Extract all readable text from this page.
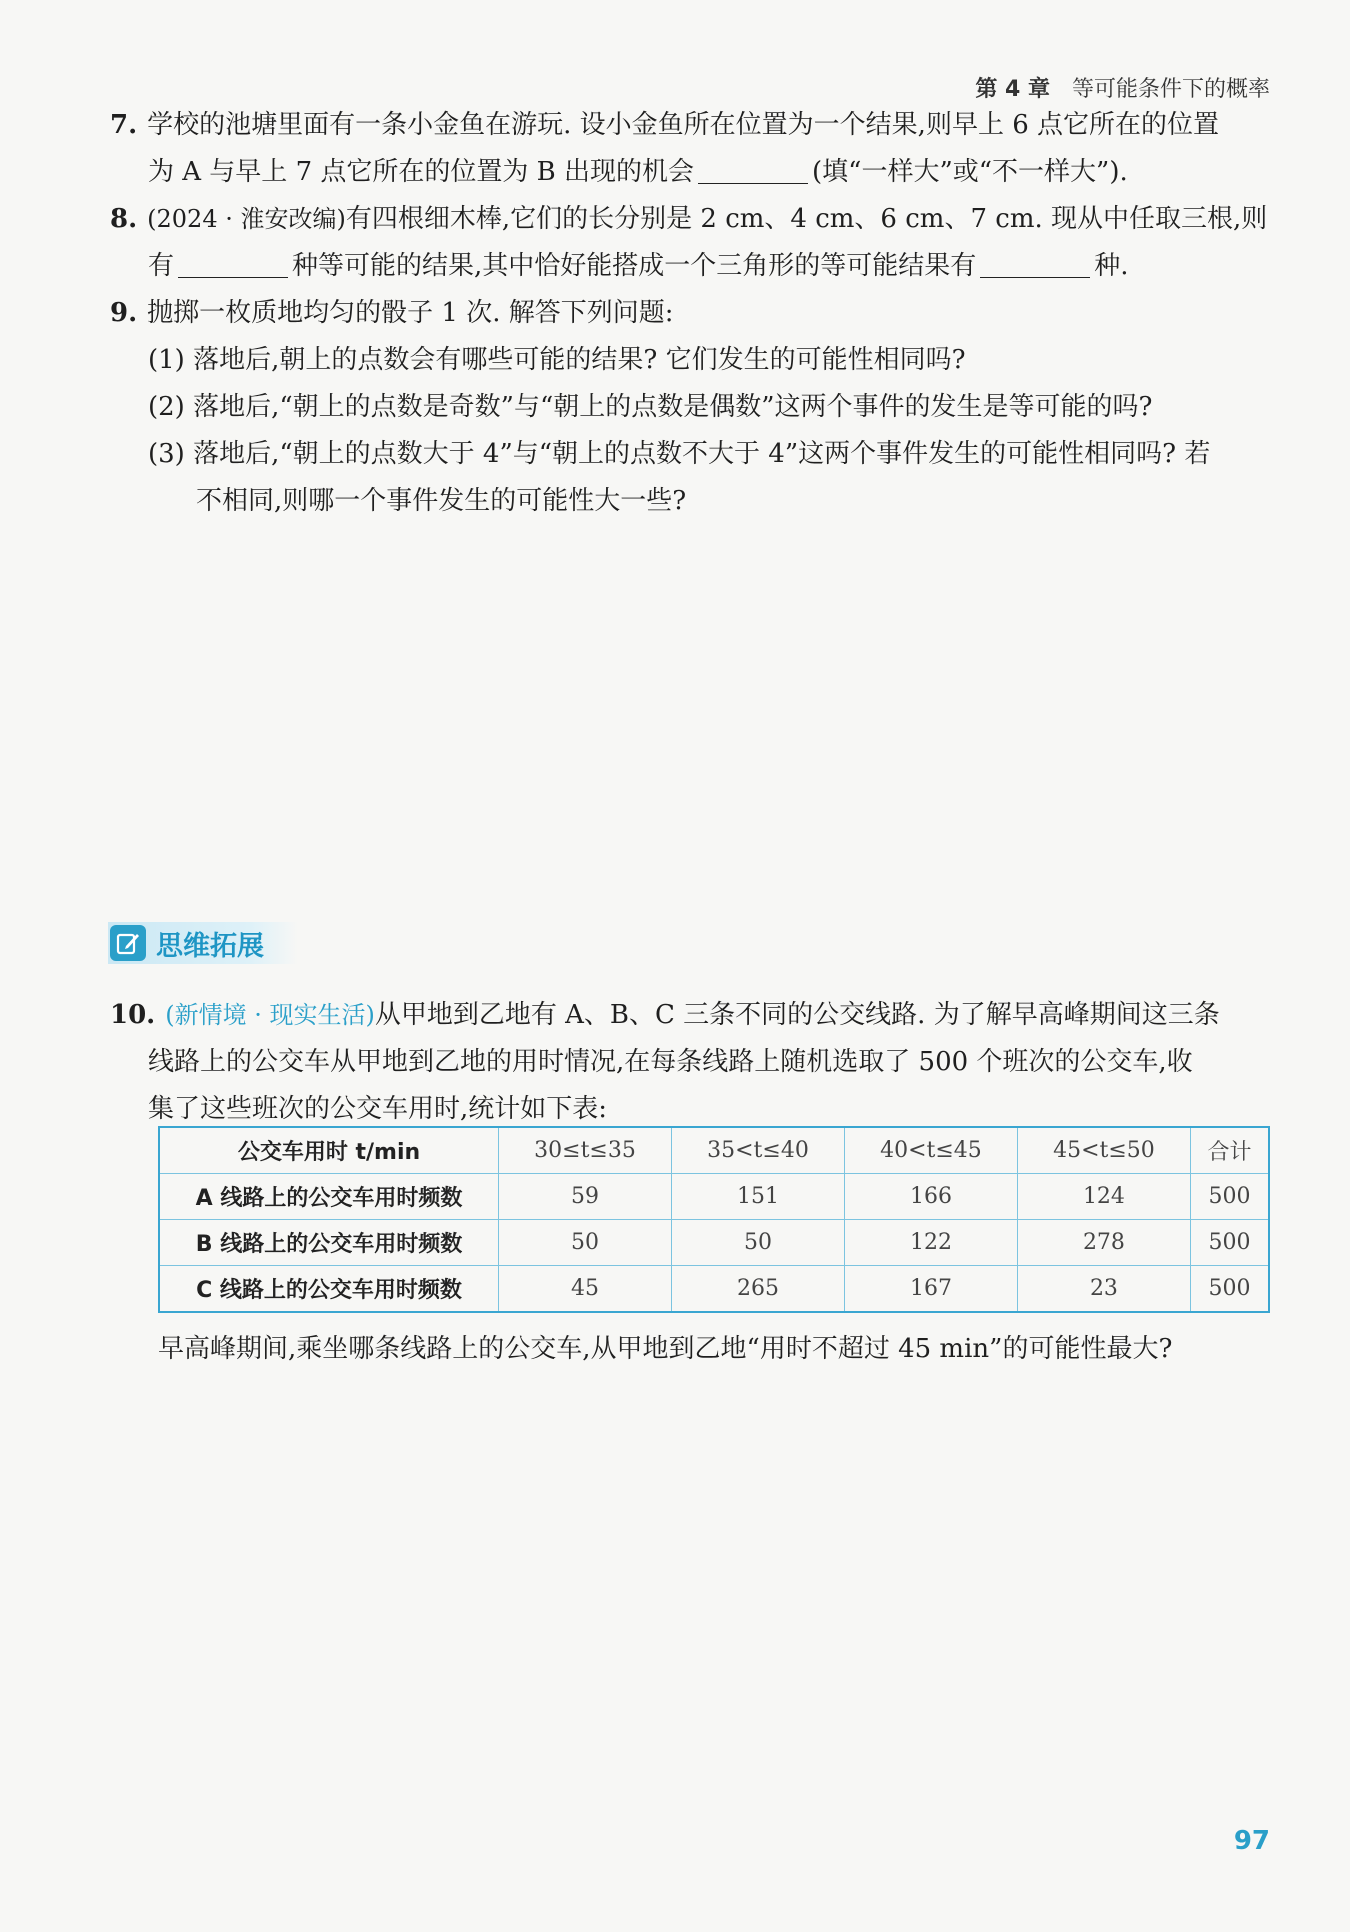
第 4 章 等可能条件下的概率
7. 学校的池塘里面有一条小金鱼在游玩. 设小金鱼所在位置为一个结果,则早上 6 点它所在的位置
为 A 与早上 7 点它所在的位置为 B 出现的机会	(填“一样大”或“不一样大”).
8. (2024 · 淮安改编)有四根细木棒,它们的长分别是 2 cm、4 cm、6 cm、7 cm. 现从中任取三根,则
有	种等可能的结果,其中恰好能搭成一个三角形的等可能结果有	种.
9. 抛掷一枚质地均匀的骰子 1 次. 解答下列问题:
(1) 落地后,朝上的点数会有哪些可能的结果? 它们发生的可能性相同吗?
(2) 落地后,“朝上的点数是奇数”与“朝上的点数是偶数”这两个事件的发生是等可能的吗?
(3) 落地后,“朝上的点数大于 4”与“朝上的点数不大于 4”这两个事件发生的可能性相同吗? 若
不相同,则哪一个事件发生的可能性大一些?
思维拓展
10. (新情境 · 现实生活)从甲地到乙地有 A、B、C 三条不同的公交线路. 为了解早高峰期间这三条
线路上的公交车从甲地到乙地的用时情况,在每条线路上随机选取了 500 个班次的公交车,收
集了这些班次的公交车用时,统计如下表:
公交车用时 t/min	30≤t≤35	35<t≤40	40<t≤45	45<t≤50	合计
A 线路上的公交车用时频数	59	151	166	124	500
B 线路上的公交车用时频数	50	50	122	278	500
C 线路上的公交车用时频数	45	265	167	23	500
早高峰期间,乘坐哪条线路上的公交车,从甲地到乙地“用时不超过 45 min”的可能性最大?
97
